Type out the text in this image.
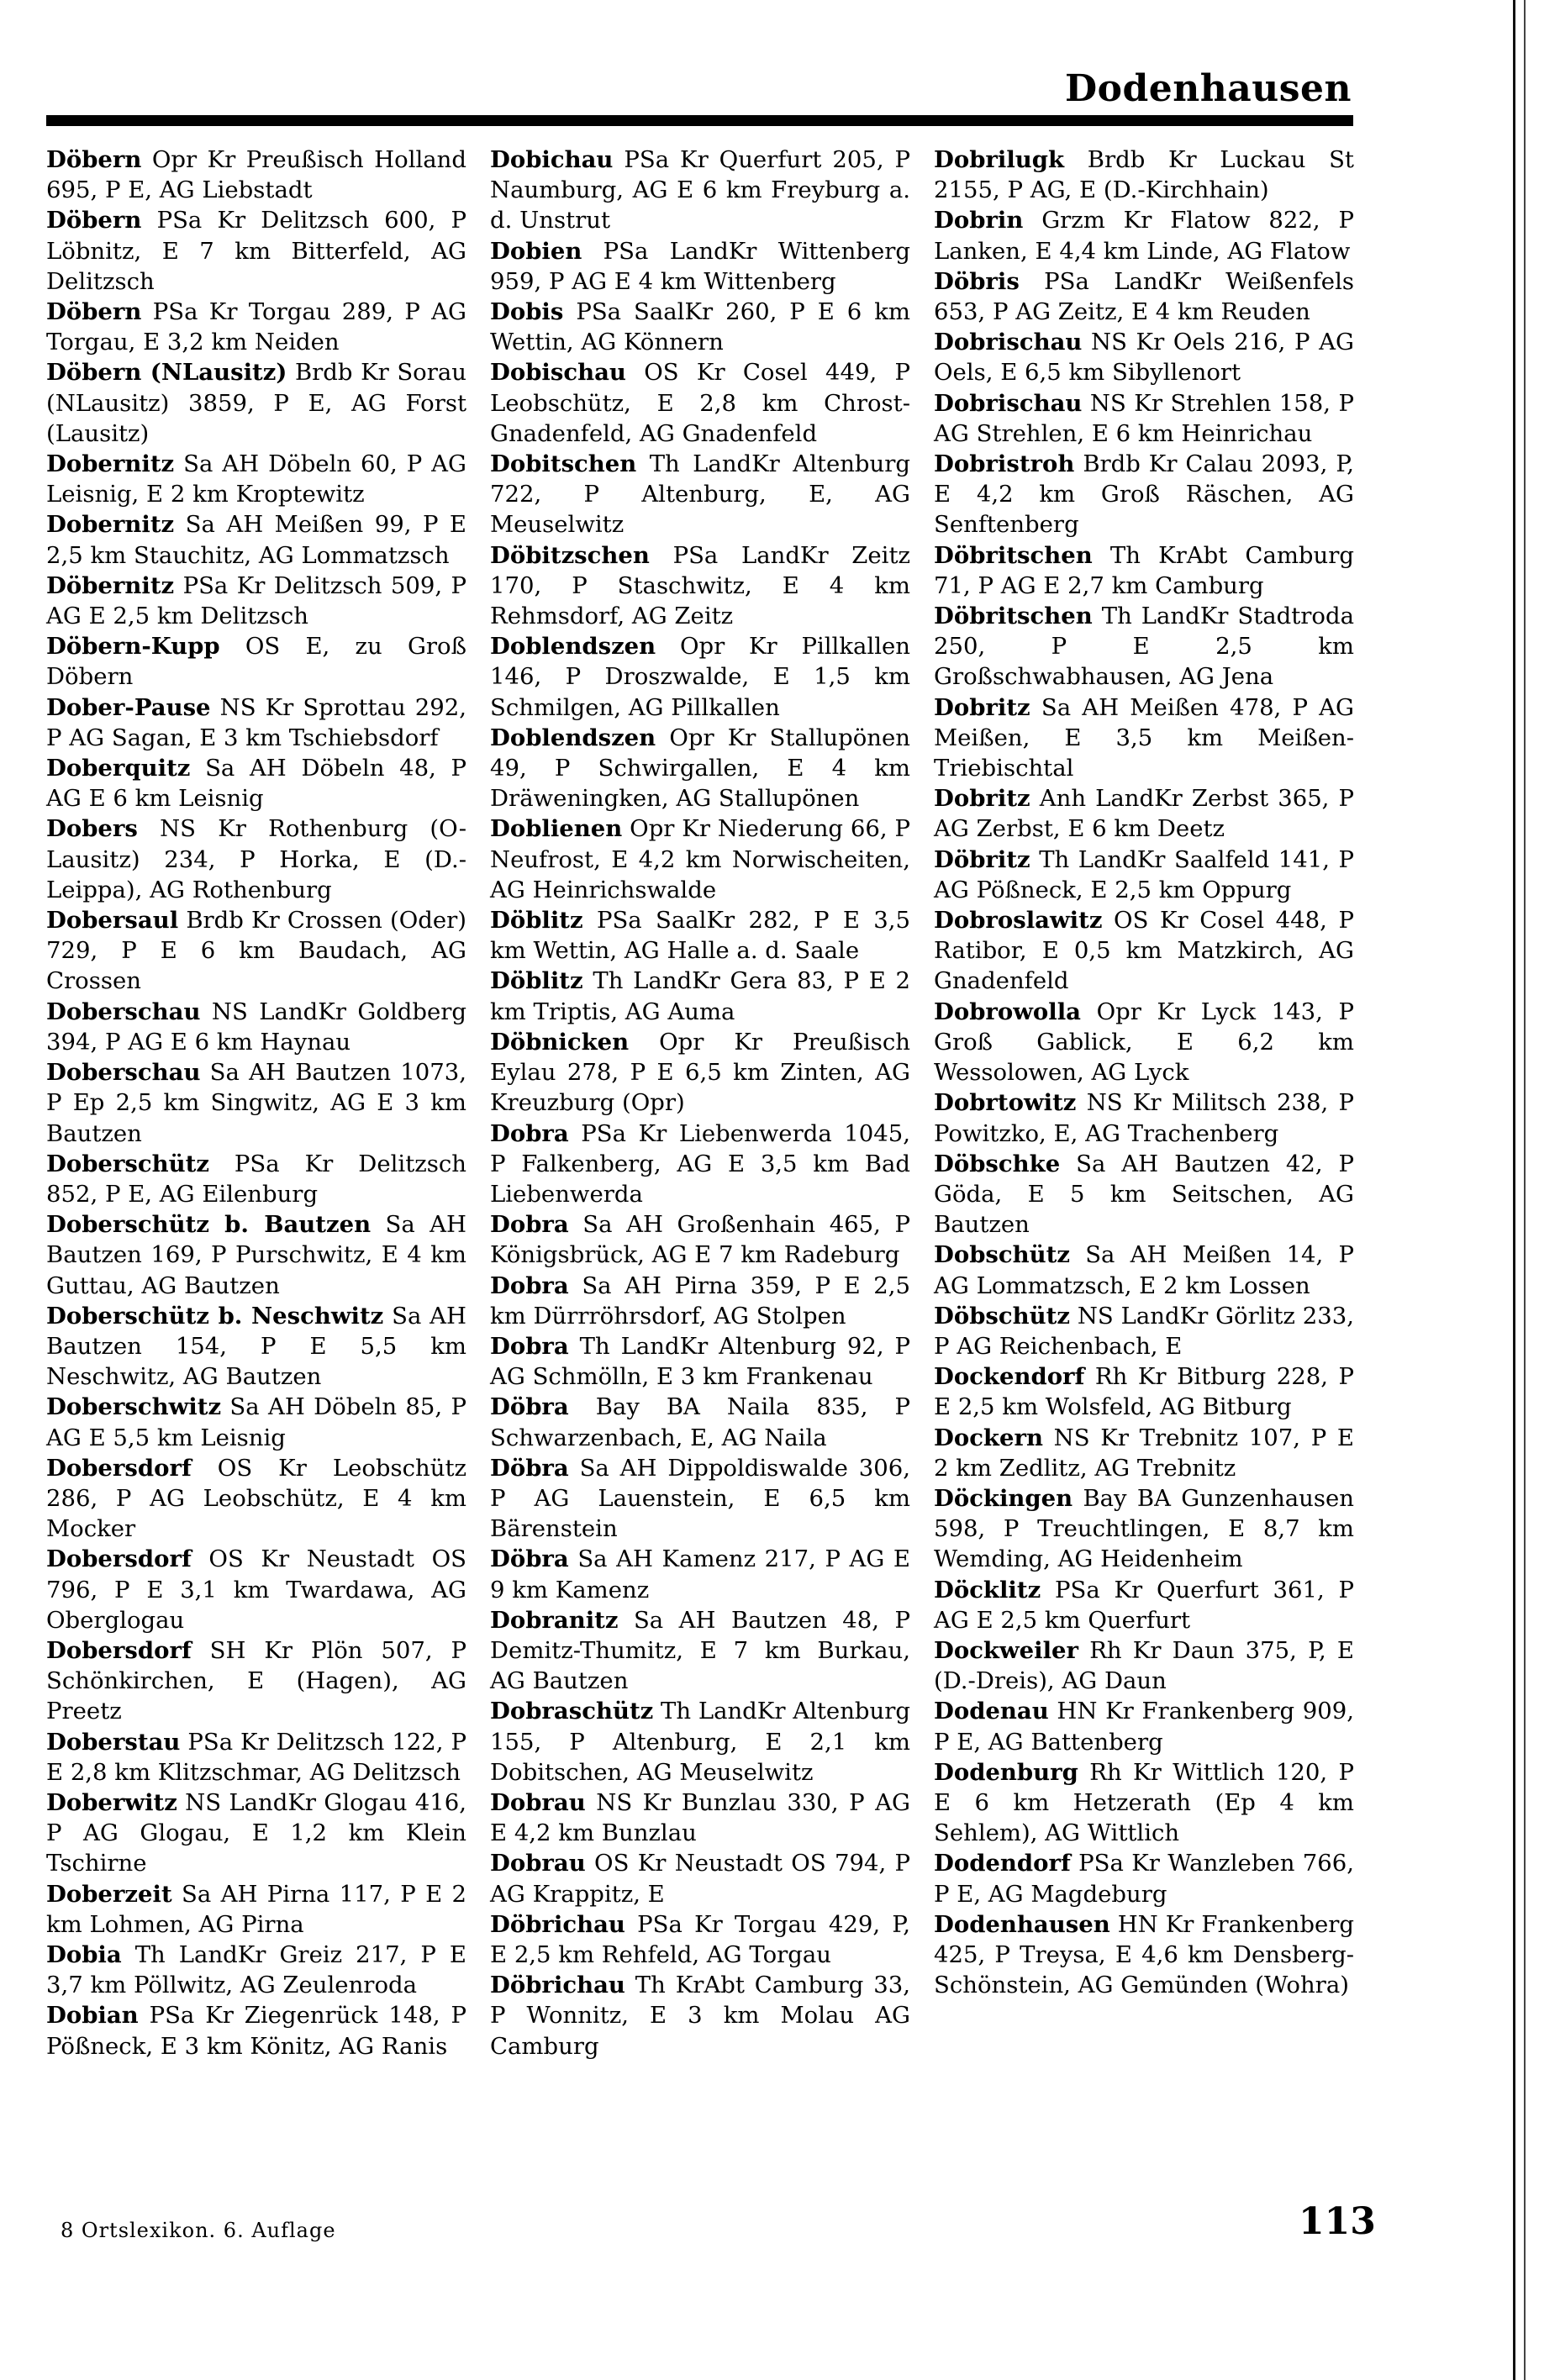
Dodenhausen

Döbern Opr Kr Preußisch Holland 695, P E, AG Liebstadt

Döbern PSa Kr Delitzsch 600, P Löbnitz, E 7 km Bitterfeld, AG Delitzsch

Döbern PSa Kr Torgau 289, P AG Torgau, E 3,2 km Neiden

Döbern (NLausitz) Brdb Kr Sorau (NLausitz) 3859, P E, AG Forst (Lausitz)

Dobernitz Sa AH Döbeln 60, P AG Leisnig, E 2 km Kroptewitz

Dobernitz Sa AH Meißen 99, P E 2,5 km Stauchitz, AG Lommatzsch

Döbernitz PSa Kr Delitzsch 509, P AG E 2,5 km Delitzsch

Döbern-Kupp OS E, zu Groß Döbern

Dober-Pause NS Kr Sprottau 292, P AG Sagan, E 3 km Tschiebsdorf

Doberquitz Sa AH Döbeln 48, P AG E 6 km Leisnig

Dobers NS Kr Rothenburg (O-Lausitz) 234, P Horka, E (D.-Leippa), AG Rothenburg

Dobersaul Brdb Kr Crossen (Oder) 729, P E 6 km Baudach, AG Crossen

Doberschau NS LandKr Goldberg 394, P AG E 6 km Haynau

Doberschau Sa AH Bautzen 1073, P Ep 2,5 km Singwitz, AG E 3 km Bautzen

Doberschütz PSa Kr Delitzsch 852, P E, AG Eilenburg

Doberschütz b. Bautzen Sa AH Bautzen 169, P Purschwitz, E 4 km Guttau, AG Bautzen

Doberschütz b. Neschwitz Sa AH Bautzen 154, P E 5,5 km Neschwitz, AG Bautzen

Doberschwitz Sa AH Döbeln 85, P AG E 5,5 km Leisnig

Dobersdorf OS Kr Leobschütz 286, P AG Leobschütz, E 4 km Mocker

Dobersdorf OS Kr Neustadt OS 796, P E 3,1 km Twardawa, AG Oberglogau

Dobersdorf SH Kr Plön 507, P Schönkirchen, E (Hagen), AG Preetz

Doberstau PSa Kr Delitzsch 122, P E 2,8 km Klitzschmar, AG Delitzsch

Doberwitz NS LandKr Glogau 416, P AG Glogau, E 1,2 km Klein Tschirne

Doberzeit Sa AH Pirna 117, P E 2 km Lohmen, AG Pirna

Dobia Th LandKr Greiz 217, P E 3,7 km Pöllwitz, AG Zeulenroda

Dobian PSa Kr Ziegenrück 148, P Pößneck, E 3 km Könitz, AG Ranis

Dobichau PSa Kr Querfurt 205, P Naumburg, AG E 6 km Freyburg a. d. Unstrut

Dobien PSa LandKr Wittenberg 959, P AG E 4 km Wittenberg

Dobis PSa SaalKr 260, P E 6 km Wettin, AG Könnern

Dobischau OS Kr Cosel 449, P Leobschütz, E 2,8 km Chrost-Gnadenfeld, AG Gnadenfeld

Dobitschen Th LandKr Altenburg 722, P Altenburg, E, AG Meuselwitz

Döbitzschen PSa LandKr Zeitz 170, P Staschwitz, E 4 km Rehmsdorf, AG Zeitz

Doblendszen Opr Kr Pillkallen 146, P Droszwalde, E 1,5 km Schmilgen, AG Pillkallen

Doblendszen Opr Kr Stallupönen 49, P Schwirgallen, E 4 km Dräweningken, AG Stallupönen

Doblienen Opr Kr Niederung 66, P Neufrost, E 4,2 km Norwischeiten, AG Heinrichswalde

Döblitz PSa SaalKr 282, P E 3,5 km Wettin, AG Halle a. d. Saale

Döblitz Th LandKr Gera 83, P E 2 km Triptis, AG Auma

Döbnicken Opr Kr Preußisch Eylau 278, P E 6,5 km Zinten, AG Kreuzburg (Opr)

Dobra PSa Kr Liebenwerda 1045, P Falkenberg, AG E 3,5 km Bad Liebenwerda

Dobra Sa AH Großenhain 465, P Königsbrück, AG E 7 km Radeburg

Dobra Sa AH Pirna 359, P E 2,5 km Dürrröhrsdorf, AG Stolpen

Dobra Th LandKr Altenburg 92, P AG Schmölln, E 3 km Frankenau

Döbra Bay BA Naila 835, P Schwarzenbach, E, AG Naila

Döbra Sa AH Dippoldiswalde 306, P AG Lauenstein, E 6,5 km Bärenstein

Döbra Sa AH Kamenz 217, P AG E 9 km Kamenz

Dobranitz Sa AH Bautzen 48, P Demitz-Thumitz, E 7 km Burkau, AG Bautzen

Dobraschütz Th LandKr Altenburg 155, P Altenburg, E 2,1 km Dobitschen, AG Meuselwitz

Dobrau NS Kr Bunzlau 330, P AG E 4,2 km Bunzlau

Dobrau OS Kr Neustadt OS 794, P AG Krappitz, E

Döbrichau PSa Kr Torgau 429, P, E 2,5 km Rehfeld, AG Torgau

Döbrichau Th KrAbt Camburg 33, P Wonnitz, E 3 km Molau AG Camburg

Dobrilugk Brdb Kr Luckau St 2155, P AG, E (D.-Kirchhain)

Dobrin Grzm Kr Flatow 822, P Lanken, E 4,4 km Linde, AG Flatow

Döbris PSa LandKr Weißenfels 653, P AG Zeitz, E 4 km Reuden

Dobrischau NS Kr Oels 216, P AG Oels, E 6,5 km Sibyllenort

Dobrischau NS Kr Strehlen 158, P AG Strehlen, E 6 km Heinrichau

Dobristroh Brdb Kr Calau 2093, P, E 4,2 km Groß Räschen, AG Senftenberg

Döbritschen Th KrAbt Camburg 71, P AG E 2,7 km Camburg

Döbritschen Th LandKr Stadtroda 250, P E 2,5 km Großschwabhausen, AG Jena

Dobritz Sa AH Meißen 478, P AG Meißen, E 3,5 km Meißen-Triebischtal

Dobritz Anh LandKr Zerbst 365, P AG Zerbst, E 6 km Deetz

Döbritz Th LandKr Saalfeld 141, P AG Pößneck, E 2,5 km Oppurg

Dobroslawitz OS Kr Cosel 448, P Ratibor, E 0,5 km Matzkirch, AG Gnadenfeld

Dobrowolla Opr Kr Lyck 143, P Groß Gablick, E 6,2 km Wessolowen, AG Lyck

Dobrtowitz NS Kr Militsch 238, P Powitzko, E, AG Trachenberg

Döbschke Sa AH Bautzen 42, P Göda, E 5 km Seitschen, AG Bautzen

Dobschütz Sa AH Meißen 14, P AG Lommatzsch, E 2 km Lossen

Döbschütz NS LandKr Görlitz 233, P AG Reichenbach, E

Dockendorf Rh Kr Bitburg 228, P E 2,5 km Wolsfeld, AG Bitburg

Dockern NS Kr Trebnitz 107, P E 2 km Zedlitz, AG Trebnitz

Döckingen Bay BA Gunzenhausen 598, P Treuchtlingen, E 8,7 km Wemding, AG Heidenheim

Döcklitz PSa Kr Querfurt 361, P AG E 2,5 km Querfurt

Dockweiler Rh Kr Daun 375, P, E (D.-Dreis), AG Daun

Dodenau HN Kr Frankenberg 909, P E, AG Battenberg

Dodenburg Rh Kr Wittlich 120, P E 6 km Hetzerath (Ep 4 km Sehlem), AG Wittlich

Dodendorf PSa Kr Wanzleben 766, P E, AG Magdeburg

Dodenhausen HN Kr Frankenberg 425, P Treysa, E 4,6 km Densberg-Schönstein, AG Gemünden (Wohra)

8 Ortslexikon. 6. Auflage	113
